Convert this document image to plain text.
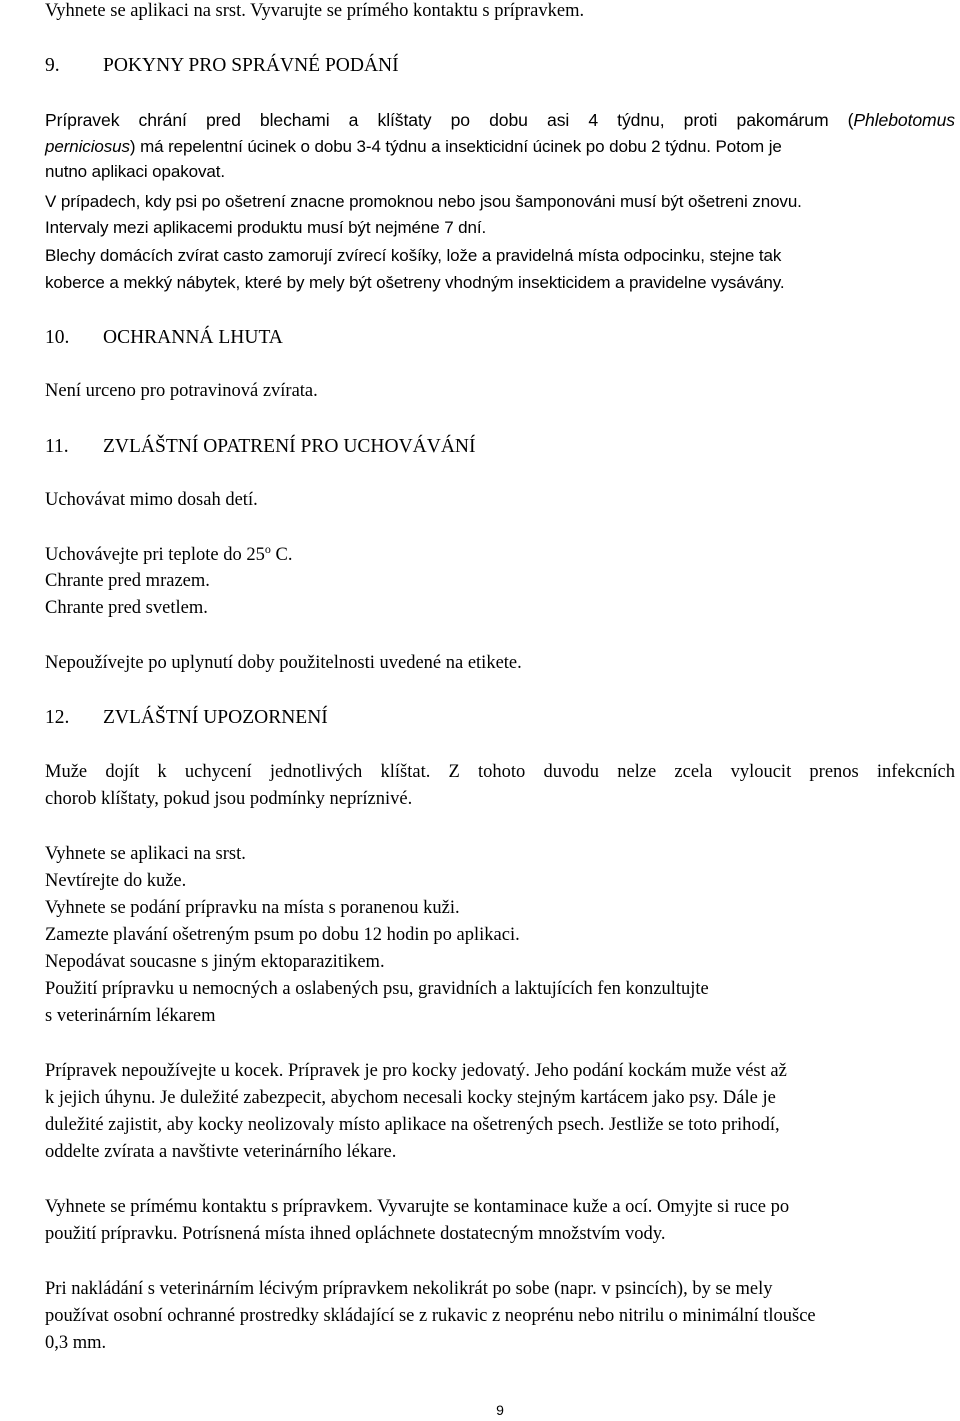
Vyhnete se aplikaci na srst. Vyvarujte se prímého kontaktu s prípravkem.
9. POKYNY PRO SPRÁVNÉ PODÁNÍ
Prípravek chrání pred blechami a klíštaty po dobu asi 4 týdnu, proti pakomárum (Phlebotomus
perniciosus) má repelentní úcinek o dobu 3-4 týdnu a insekticidní úcinek po dobu 2 týdnu. Potom je
nutno aplikaci opakovat.
V prípadech, kdy psi po ošetrení znacne promoknou nebo jsou šamponováni musí být ošetreni znovu.
Intervaly mezi aplikacemi produktu musí být nejméne 7 dní.
Blechy domácích zvírat casto zamorují zvírecí košíky, lože a pravidelná místa odpocinku, stejne tak
koberce a mekký nábytek, které by mely být ošetreny vhodným insekticidem a pravidelne vysávány.
10. OCHRANNÁ LHUTA
Není urceno pro potravinová zvírata.
11. ZVLÁŠTNÍ OPATRENÍ PRO UCHOVÁVÁNÍ
Uchovávat mimo dosah detí.
Uchovávejte pri teplote do 25$^o$ C.
Chrante pred mrazem.
Chrante pred svetlem.
Nepoužívejte po uplynutí doby použitelnosti uvedené na etikete.
12. ZVLÁŠTNÍ UPOZORNENÍ
Muže dojít k uchycení jednotlivých klíštat. Z tohoto duvodu nelze zcela vyloucit prenos infekcních
chorob klíštaty, pokud jsou podmínky nepríznivé.
Vyhnete se aplikaci na srst.
Nevtírejte do kuže.
Vyhnete se podání prípravku na místa s poranenou kuži.
Zamezte plavání ošetreným psum po dobu 12 hodin po aplikaci.
Nepodávat soucasne s jiným ektoparazitikem.
Použití prípravku u nemocných a oslabených psu, gravidních a laktujících fen konzultujte
s veterinárním lékarem
Prípravek nepoužívejte u kocek. Prípravek je pro kocky jedovatý. Jeho podání kockám muže vést až
k jejich úhynu. Je duležité zabezpecit, abychom necesali kocky stejným kartácem jako psy. Dále je
duležité zajistit, aby kocky neolizovaly místo aplikace na ošetrených psech. Jestliže se toto prihodí,
oddelte zvírata a navštivte veterinárního lékare.
Vyhnete se prímému kontaktu s prípravkem. Vyvarujte se kontaminace kuže a ocí. Omyjte si ruce po
použití prípravku. Potrísnená místa ihned opláchnete dostatecným množstvím vody.
Pri nakládání s veterinárním lécivým prípravkem nekolikrát po sobe (napr. v psincích), by se mely
používat osobní ochranné prostredky skládající se z rukavic z neoprénu nebo nitrilu o minimální tloušce
0,3 mm.
9
